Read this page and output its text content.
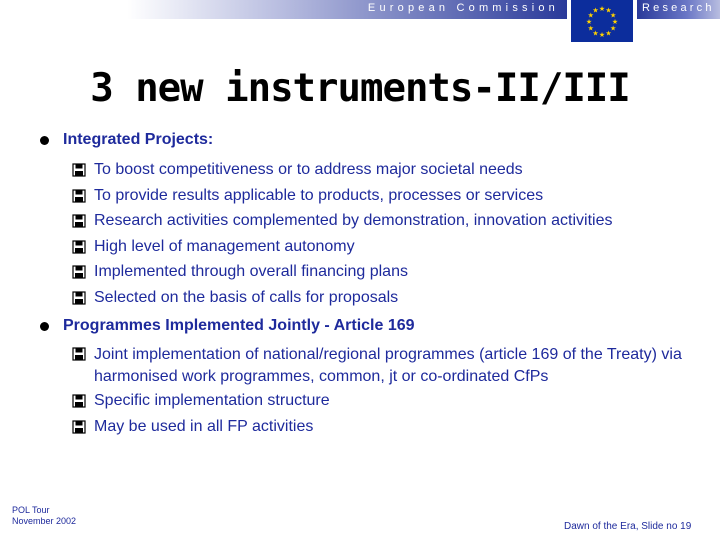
European Commission	★ ★
★
★
★
★
★
★
★
★
★
★	Research
3 new instruments-II/III
Integrated Projects:
To boost competitiveness or to address major societal needs
To provide results applicable to products, processes or services
Research activities complemented by demonstration, innovation activities
High level of management autonomy
Implemented through overall financing plans
Selected on the basis of calls for proposals
Programmes Implemented Jointly - Article 169
Joint implementation of national/regional programmes (article 169 of the Treaty) via harmonised work programmes, common, jt or co-ordinated CfPs
Specific implementation structure
May be used in all FP activities
POL Tour
November 2002	Dawn of the Era, Slide no 19
